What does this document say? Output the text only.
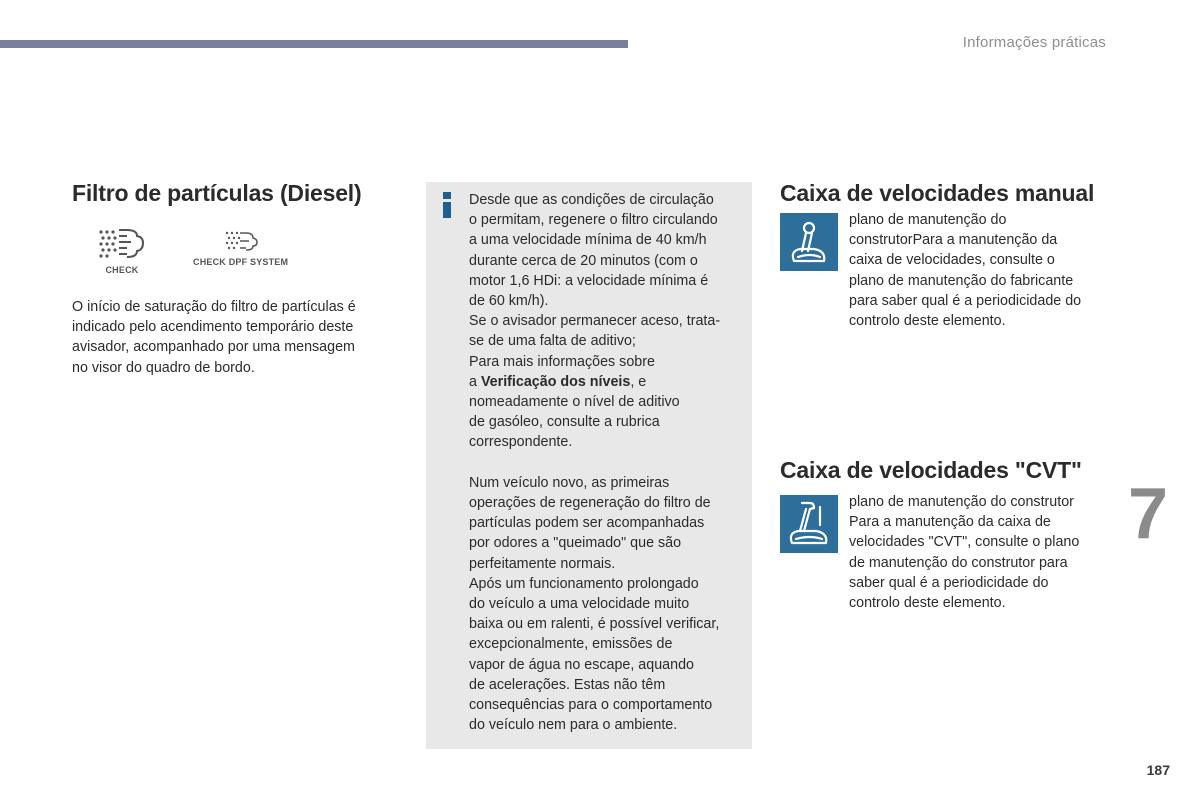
Informações práticas
Filtro de partículas (Diesel)
CHECK
CHECK DPF SYSTEM

O início de saturação do filtro de partículas é

indicado pelo acendimento temporário deste

avisador, acompanhado por uma mensagem

no visor do quadro de bordo.

Desde que as condições de circulação

o permitam, regenere o filtro circulando

a uma velocidade mínima de 40 km/h

durante cerca de 20 minutos (com o

motor 1,6 HDi: a velocidade mínima é

de 60 km/h).

Se o avisador permanecer aceso, trata-

se de uma falta de aditivo;

Para mais informações sobre

a Verificação dos níveis, e

nomeadamente o nível de aditivo

de gasóleo, consulte a rubrica

correspondente.

Num veículo novo, as primeiras

operações de regeneração do filtro de

partículas podem ser acompanhadas

por odores a "queimado" que são

perfeitamente normais.

Após um funcionamento prolongado

do veículo a uma velocidade muito

baixa ou em ralenti, é possível verificar,

excepcionalmente, emissões de

vapor de água no escape, aquando

de acelerações. Estas não têm

consequências para o comportamento

do veículo nem para o ambiente.

Caixa de velocidades manual

plano de manutenção do

construtorPara a manutenção da

caixa de velocidades, consulte o

plano de manutenção do fabricante

para saber qual é a periodicidade do

controlo deste elemento.

Caixa de velocidades "CVT"

plano de manutenção do construtor

Para a manutenção da caixa de

velocidades "CVT", consulte o plano

de manutenção do construtor para

saber qual é a periodicidade do

controlo deste elemento.

7
187
